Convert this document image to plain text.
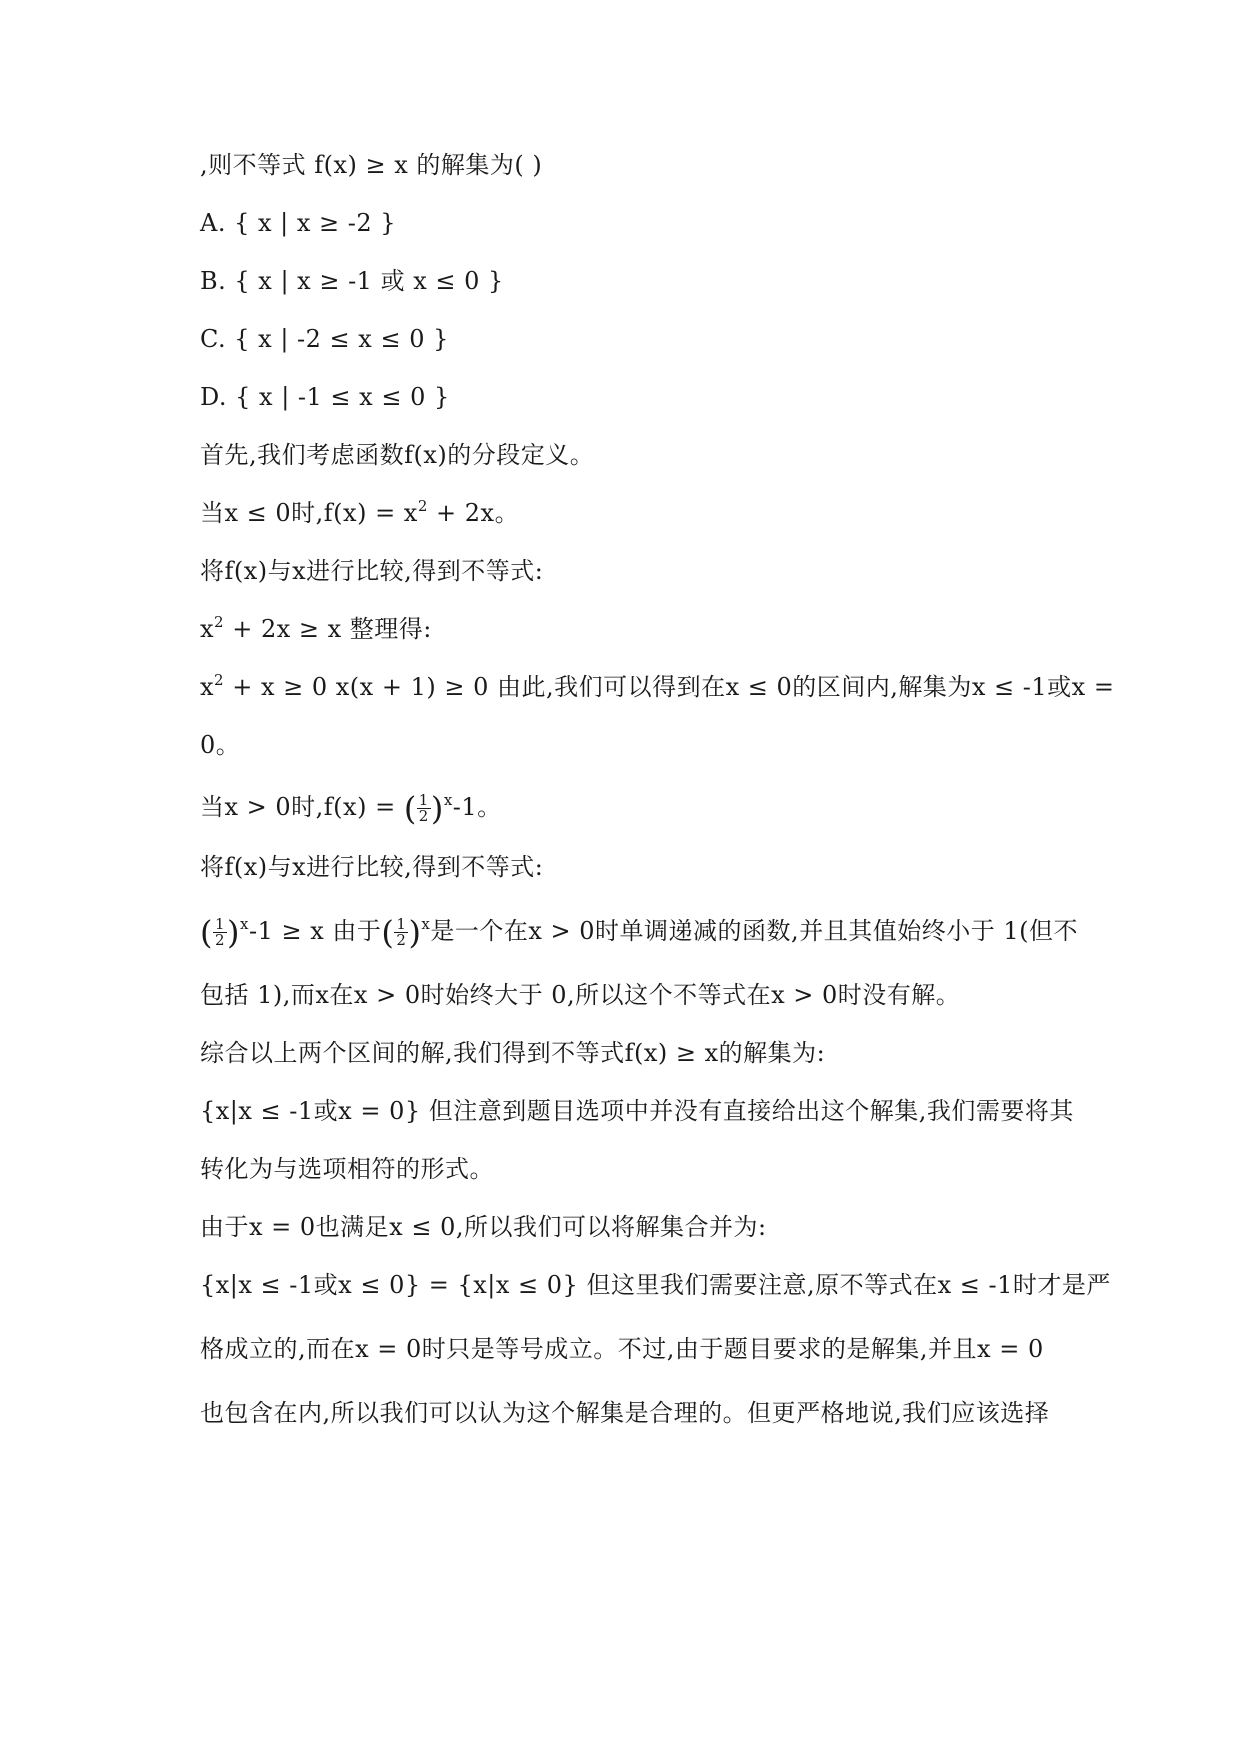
,则不等式 f(x) ≥ x 的解集为( )
A. { x | x ≥ -2 }
B. { x | x ≥ -1 或 x ≤ 0 }
C. { x | -2 ≤ x ≤ 0 }
D. { x | -1 ≤ x ≤ 0 }
首先,我们考虑函数f(x)的分段定义。
当x ≤ 0时$,f(x) = x^2 + 2x$。
将f(x)与x进行比较,得到不等式:
$x^2 + 2x \ge x$ 整理得:
$x^2 + x \ge 0$ x(x + 1) ≥ 0 由此,我们可以得到在x ≤ 0的区间内,解集为x ≤ -1或x =
0。
当x > 0时,f(x) = ( $\frac{1}{2} )^x-1$。
将f(x)与x进行比较,得到不等式:
( $\frac{1}{2} )^x-1 \ge x$ 由于( $\frac{1}{2} )^x$是一个在x > 0时单调递减的函数,并且其值始终小于 1(但不
包括 1),而x在x > 0时始终大于 0,所以这个不等式在x > 0时没有解。
综合以上两个区间的解,我们得到不等式f(x) ≥ x的解集为:
{x|x ≤ -1或x = 0} 但注意到题目选项中并没有直接给出这个解集,我们需要将其
转化为与选项相符的形式。
由于x = 0也满足x ≤ 0,所以我们可以将解集合并为:
{x|x ≤ -1或x ≤ 0} = {x|x ≤ 0} 但这里我们需要注意,原不等式在x ≤ -1时才是严
格成立的,而在x = 0时只是等号成立。不过,由于题目要求的是解集,并且x = 0
也包含在内,所以我们可以认为这个解集是合理的。但更严格地说,我们应该选择
